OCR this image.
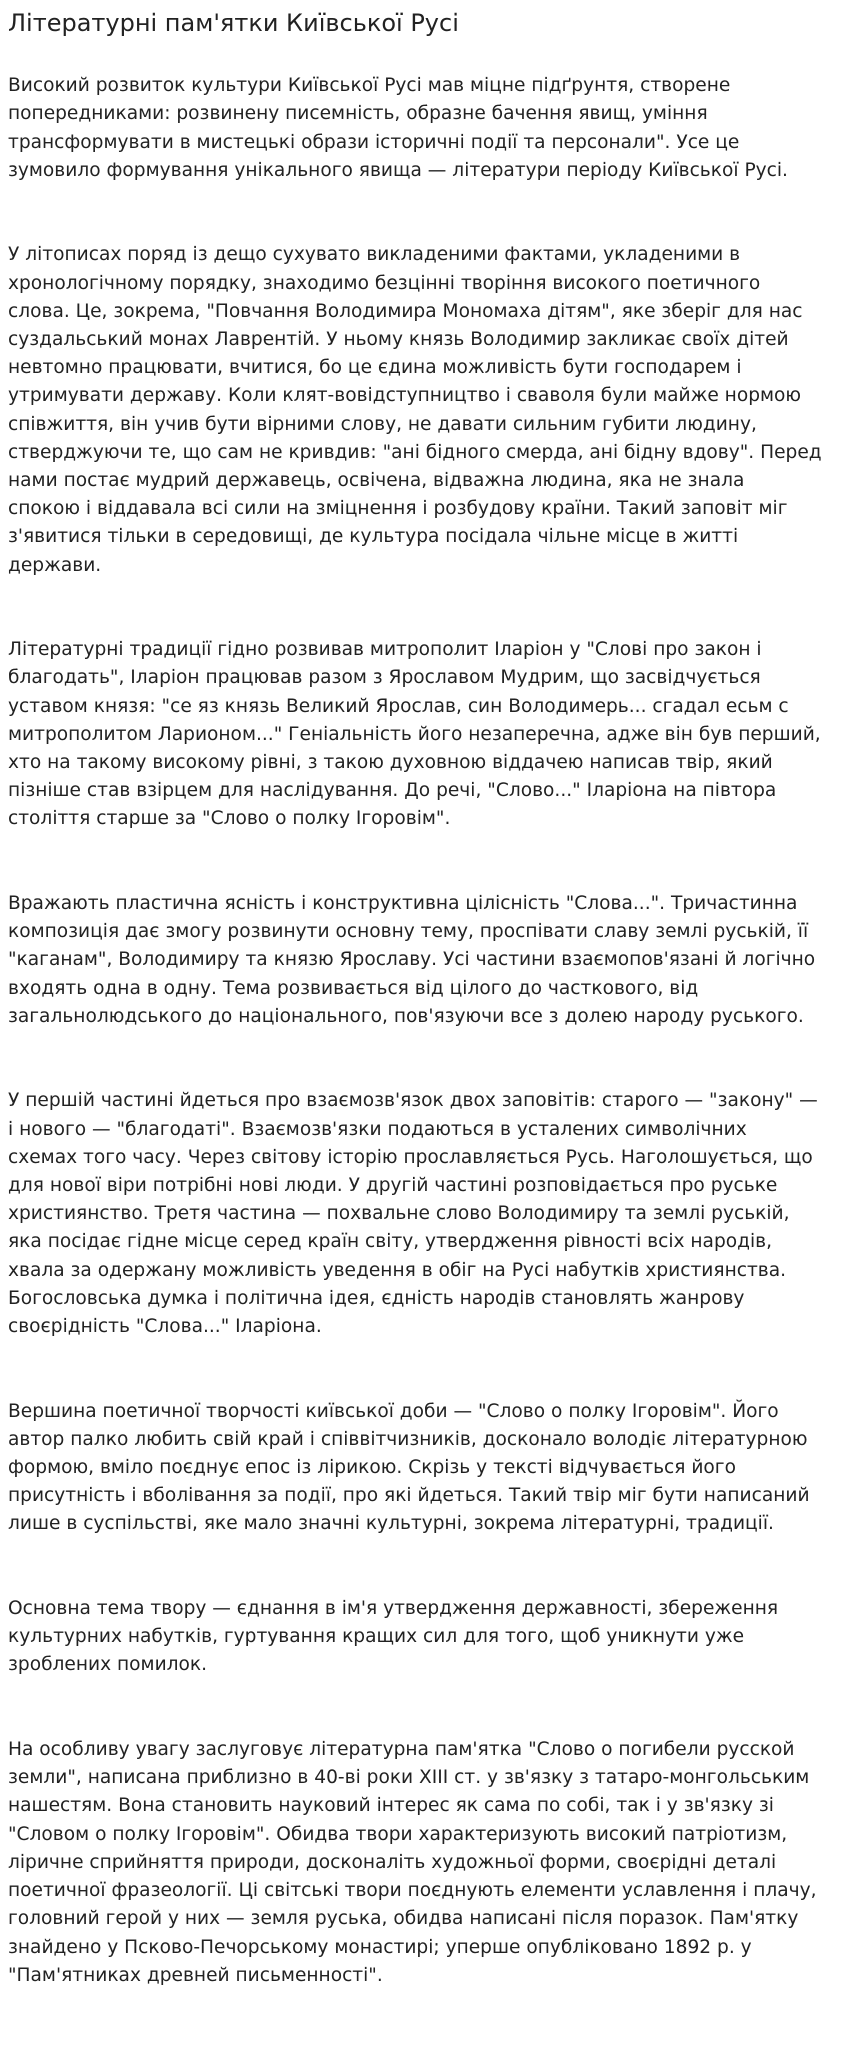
Літературні пам'ятки Київської Русі

Високий розвиток культури Київської Русі мав міцне підґрунтя, створене
попередниками: розвинену писемність, образне бачення явищ, уміння
трансформувати в мистецькі образи історичні події та персонали". Усе це
зумовило формування унікального явища — літератури періоду Київської Русі.

У літописах поряд із дещо сухувато викладеними фактами, укладеними в
хронологічному порядку, знаходимо безцінні творіння високого поетичного
слова. Це, зокрема, "Повчання Володимира Мономаха дітям", яке зберіг для нас
суздальський монах Лаврентій. У ньому князь Володимир закликає своїх дітей
невтомно працювати, вчитися, бо це єдина можливість бути господарем і
утримувати державу. Коли клят-вовідступництво і сваволя були майже нормою
співжиття, він учив бути вірними слову, не давати сильним губити людину,
стверджуючи те, що сам не кривдив: "ані бідного смерда, ані бідну вдову". Перед
нами постає мудрий державець, освічена, відважна людина, яка не знала
спокою і віддавала всі сили на зміцнення і розбудову країни. Такий заповіт міг
з'явитися тільки в середовищі, де культура посідала чільне місце в житті
держави.

Літературні традиції гідно розвивав митрополит Іларіон у "Слові про закон і
благодать", Іларіон працював разом з Ярославом Мудрим, що засвідчується
уставом князя: "се яз князь Великий Ярослав, син Володимерь... сгадал есьм с
митрополитом Ларионом..." Геніальність його незаперечна, адже він був перший,
хто на такому високому рівні, з такою духовною віддачею написав твір, який
пізніше став взірцем для наслідування. До речі, "Слово..." Іларіона на півтора
століття старше за "Слово о полку Ігоровім".

Вражають пластична ясність і конструктивна цілісність "Слова...". Тричастинна
композиція дає змогу розвинути основну тему, проспівати славу землі руській, її
"каганам", Володимиру та князю Ярославу. Усі частини взаємопов'язані й логічно
входять одна в одну. Тема розвивається від цілого до часткового, від
загальнолюдського до національного, пов'язуючи все з долею народу руського.

У першій частині йдеться про взаємозв'язок двох заповітів: старого — "закону" —
і нового — "благодаті". Взаємозв'язки подаються в усталених символічних
схемах того часу. Через світову історію прославляється Русь. Наголошується, що
для нової віри потрібні нові люди. У другій частині розповідається про руське
християнство. Третя частина — похвальне слово Володимиру та землі руській,
яка посідає гідне місце серед країн світу, утвердження рівності всіх народів,
хвала за одержану можливість уведення в обіг на Русі набутків християнства.
Богословська думка і політична ідея, єдність народів становлять жанрову
своєрідність "Слова..." Іларіона.

Вершина поетичної творчості київської доби — "Слово о полку Ігоровім". Його
автор палко любить свій край і співвітчизників, досконало володіє літературною
формою, вміло поєднує епос із лірикою. Скрізь у тексті відчувається його
присутність і вболівання за події, про які йдеться. Такий твір міг бути написаний
лише в суспільстві, яке мало значні культурні, зокрема літературні, традиції.

Основна тема твору — єднання в ім'я утвердження державності, збереження
культурних набутків, гуртування кращих сил для того, щоб уникнути уже
зроблених помилок.

На особливу увагу заслуговує літературна пам'ятка "Слово о погибели русской
земли", написана приблизно в 40-ві роки XIII ст. у зв'язку з татаро-монгольським
нашестям. Вона становить науковий інтерес як сама по собі, так і у зв'язку зі
"Словом о полку Ігоровім". Обидва твори характеризують високий патріотизм,
ліричне сприйняття природи, досконаліть художньої форми, своєрідні деталі
поетичної фразеології. Ці світські твори поєднують елементи уславлення і плачу,
головний герой у них — земля руська, обидва написані після поразок. Пам'ятку
знайдено у Псково-Печорському монастирі; уперше опубліковано 1892 р. у
"Пам'ятниках древней письменності".
